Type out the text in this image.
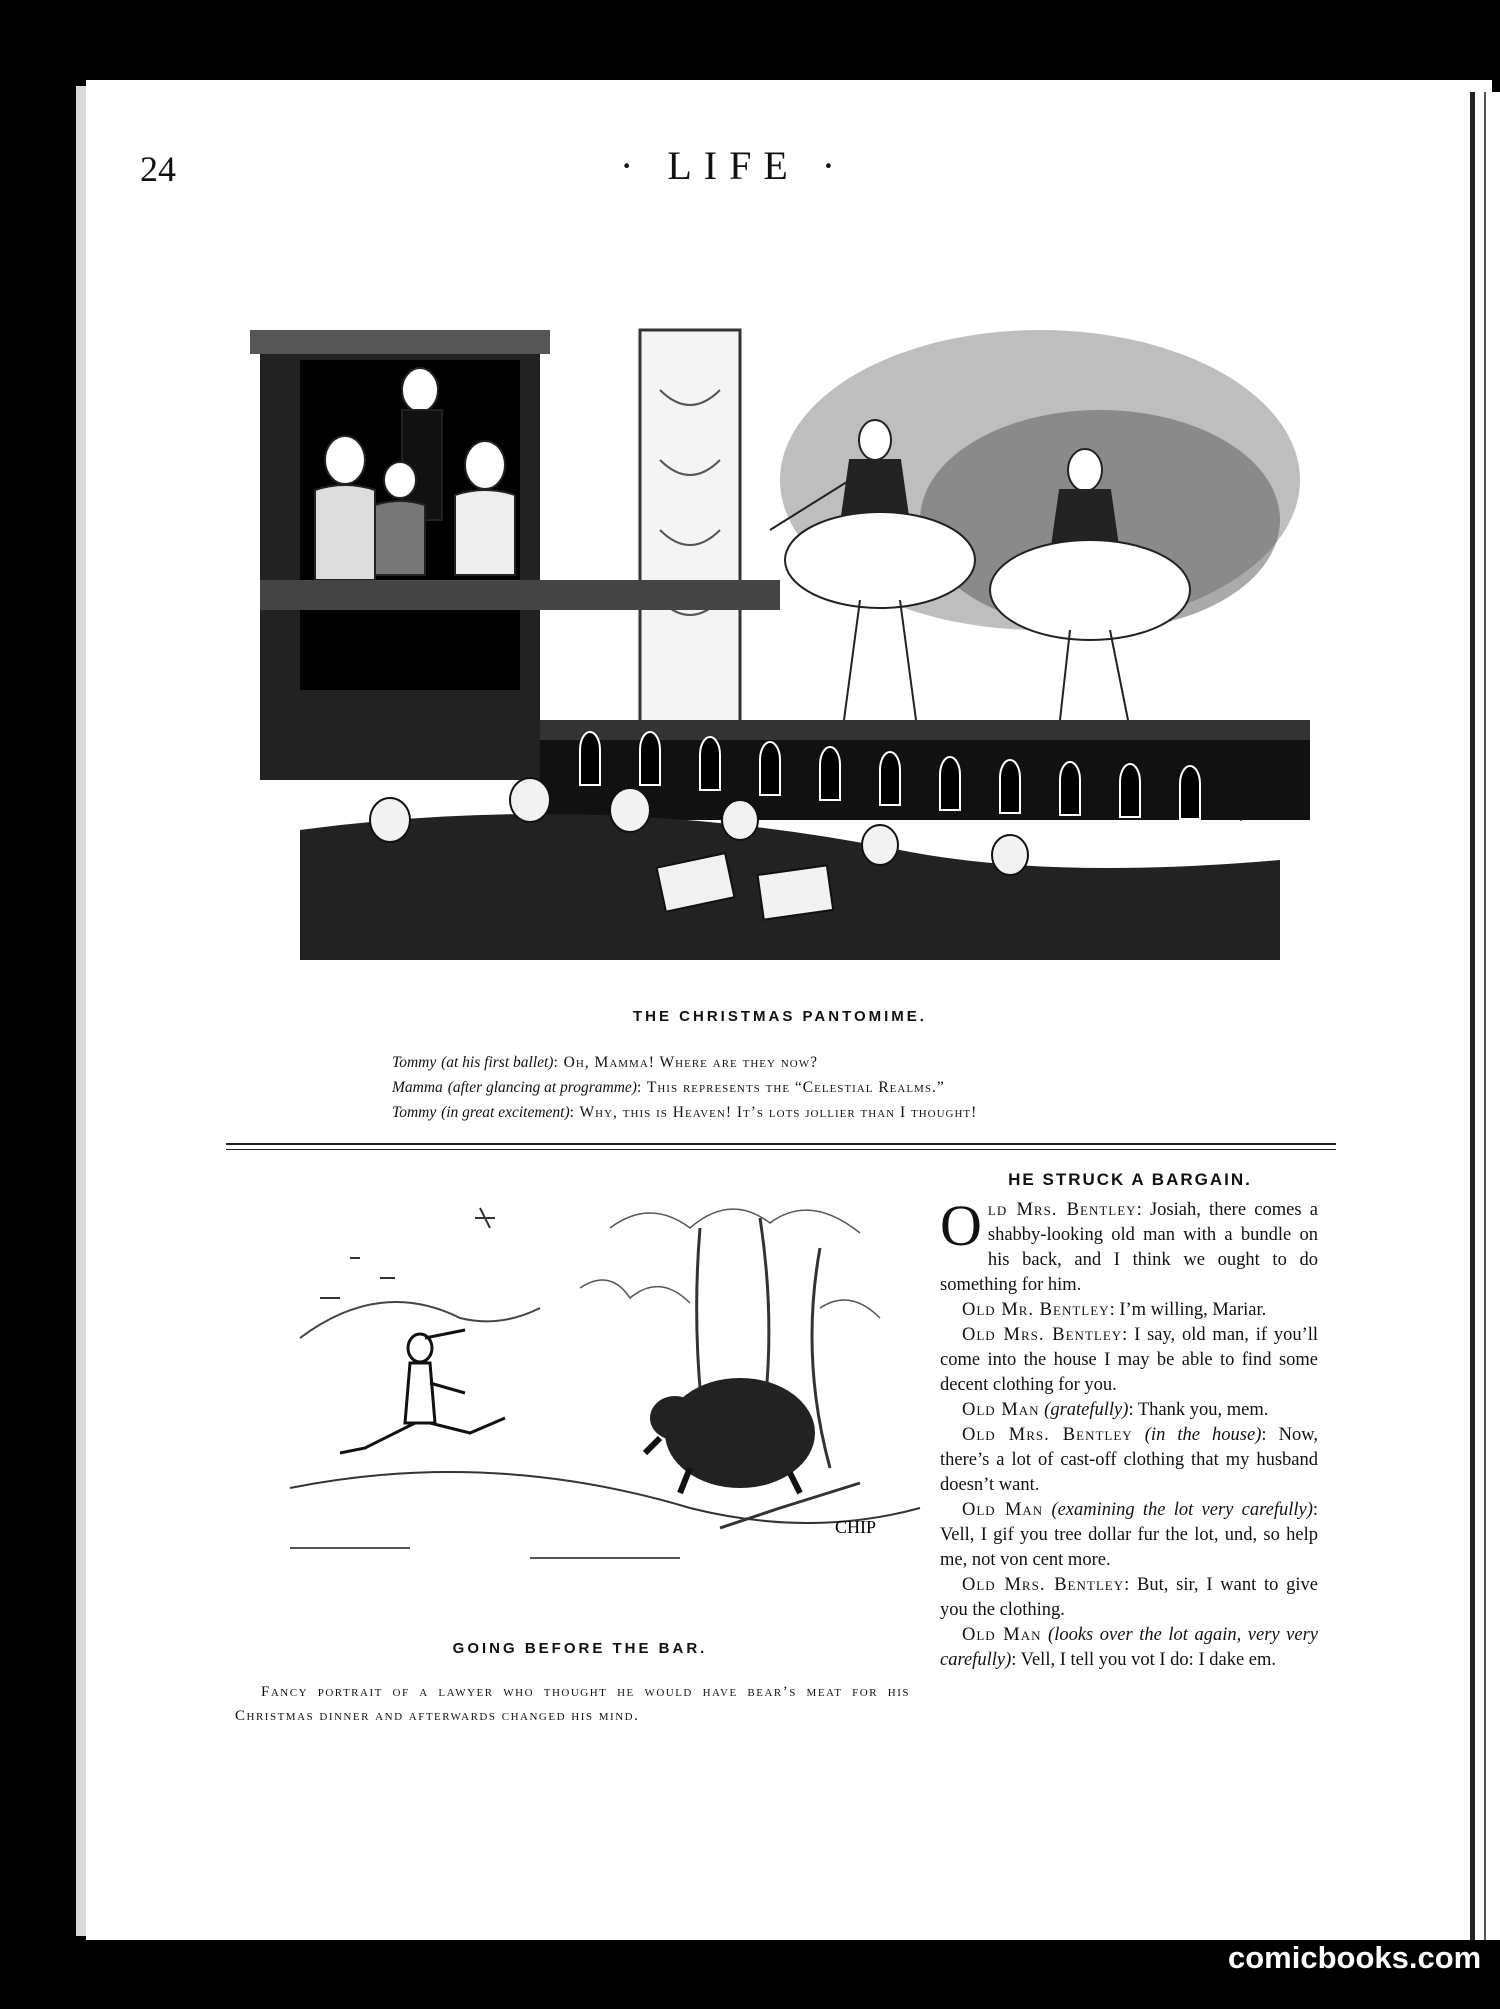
24	· LIFE ·
THE CHRISTMAS PANTOMIME.
Tommy (at his first ballet): Oh, Mamma! Where are they now?
Mamma (after glancing at programme): This represents the “Celestial Realms.”
Tommy (in great excitement): Why, this is Heaven! It’s lots jollier than I thought!
CHIP
GOING BEFORE THE BAR.
Fancy portrait of a lawyer who thought he would have bear’s meat for his Christmas dinner and afterwards changed his mind.
HE STRUCK A BARGAIN.

Old Mrs. Bentley: Josiah, there comes a shabby-looking old man with a bundle on his back, and I think we ought to do something for him.

Old Mr. Bentley: I’m willing, Mariar.

Old Mrs. Bentley: I say, old man, if you’ll come into the house I may be able to find some decent clothing for you.

Old Man (gratefully): Thank you, mem.

Old Mrs. Bentley (in the house): Now, there’s a lot of cast-off clothing that my husband doesn’t want.

Old Man (examining the lot very carefully): Vell, I gif you tree dollar fur the lot, und, so help me, not von cent more.

Old Mrs. Bentley: But, sir, I want to give you the clothing.

Old Man (looks over the lot again, very very carefully): Vell, I tell you vot I do: I dake em.

comicbooks.com
